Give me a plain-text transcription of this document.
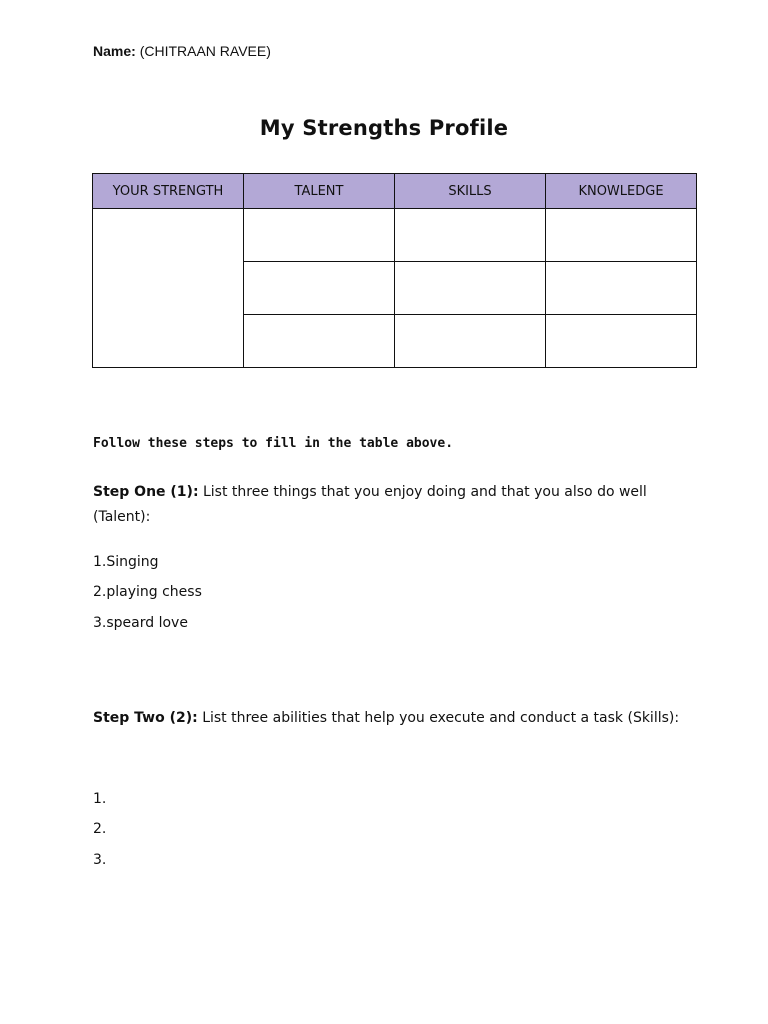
Name: (CHITRAAN RAVEE)
My Strengths Profile
YOUR STRENGTH	TALENT	SKILLS	KNOWLEDGE

Follow these steps to fill in the table above.
Step One (1): List three things that you enjoy doing and that you also do well (Talent):
1.Singing
2.playing chess
3.speard love
Step Two (2): List three abilities that help you execute and conduct a task (Skills):
1.
2.
3.
